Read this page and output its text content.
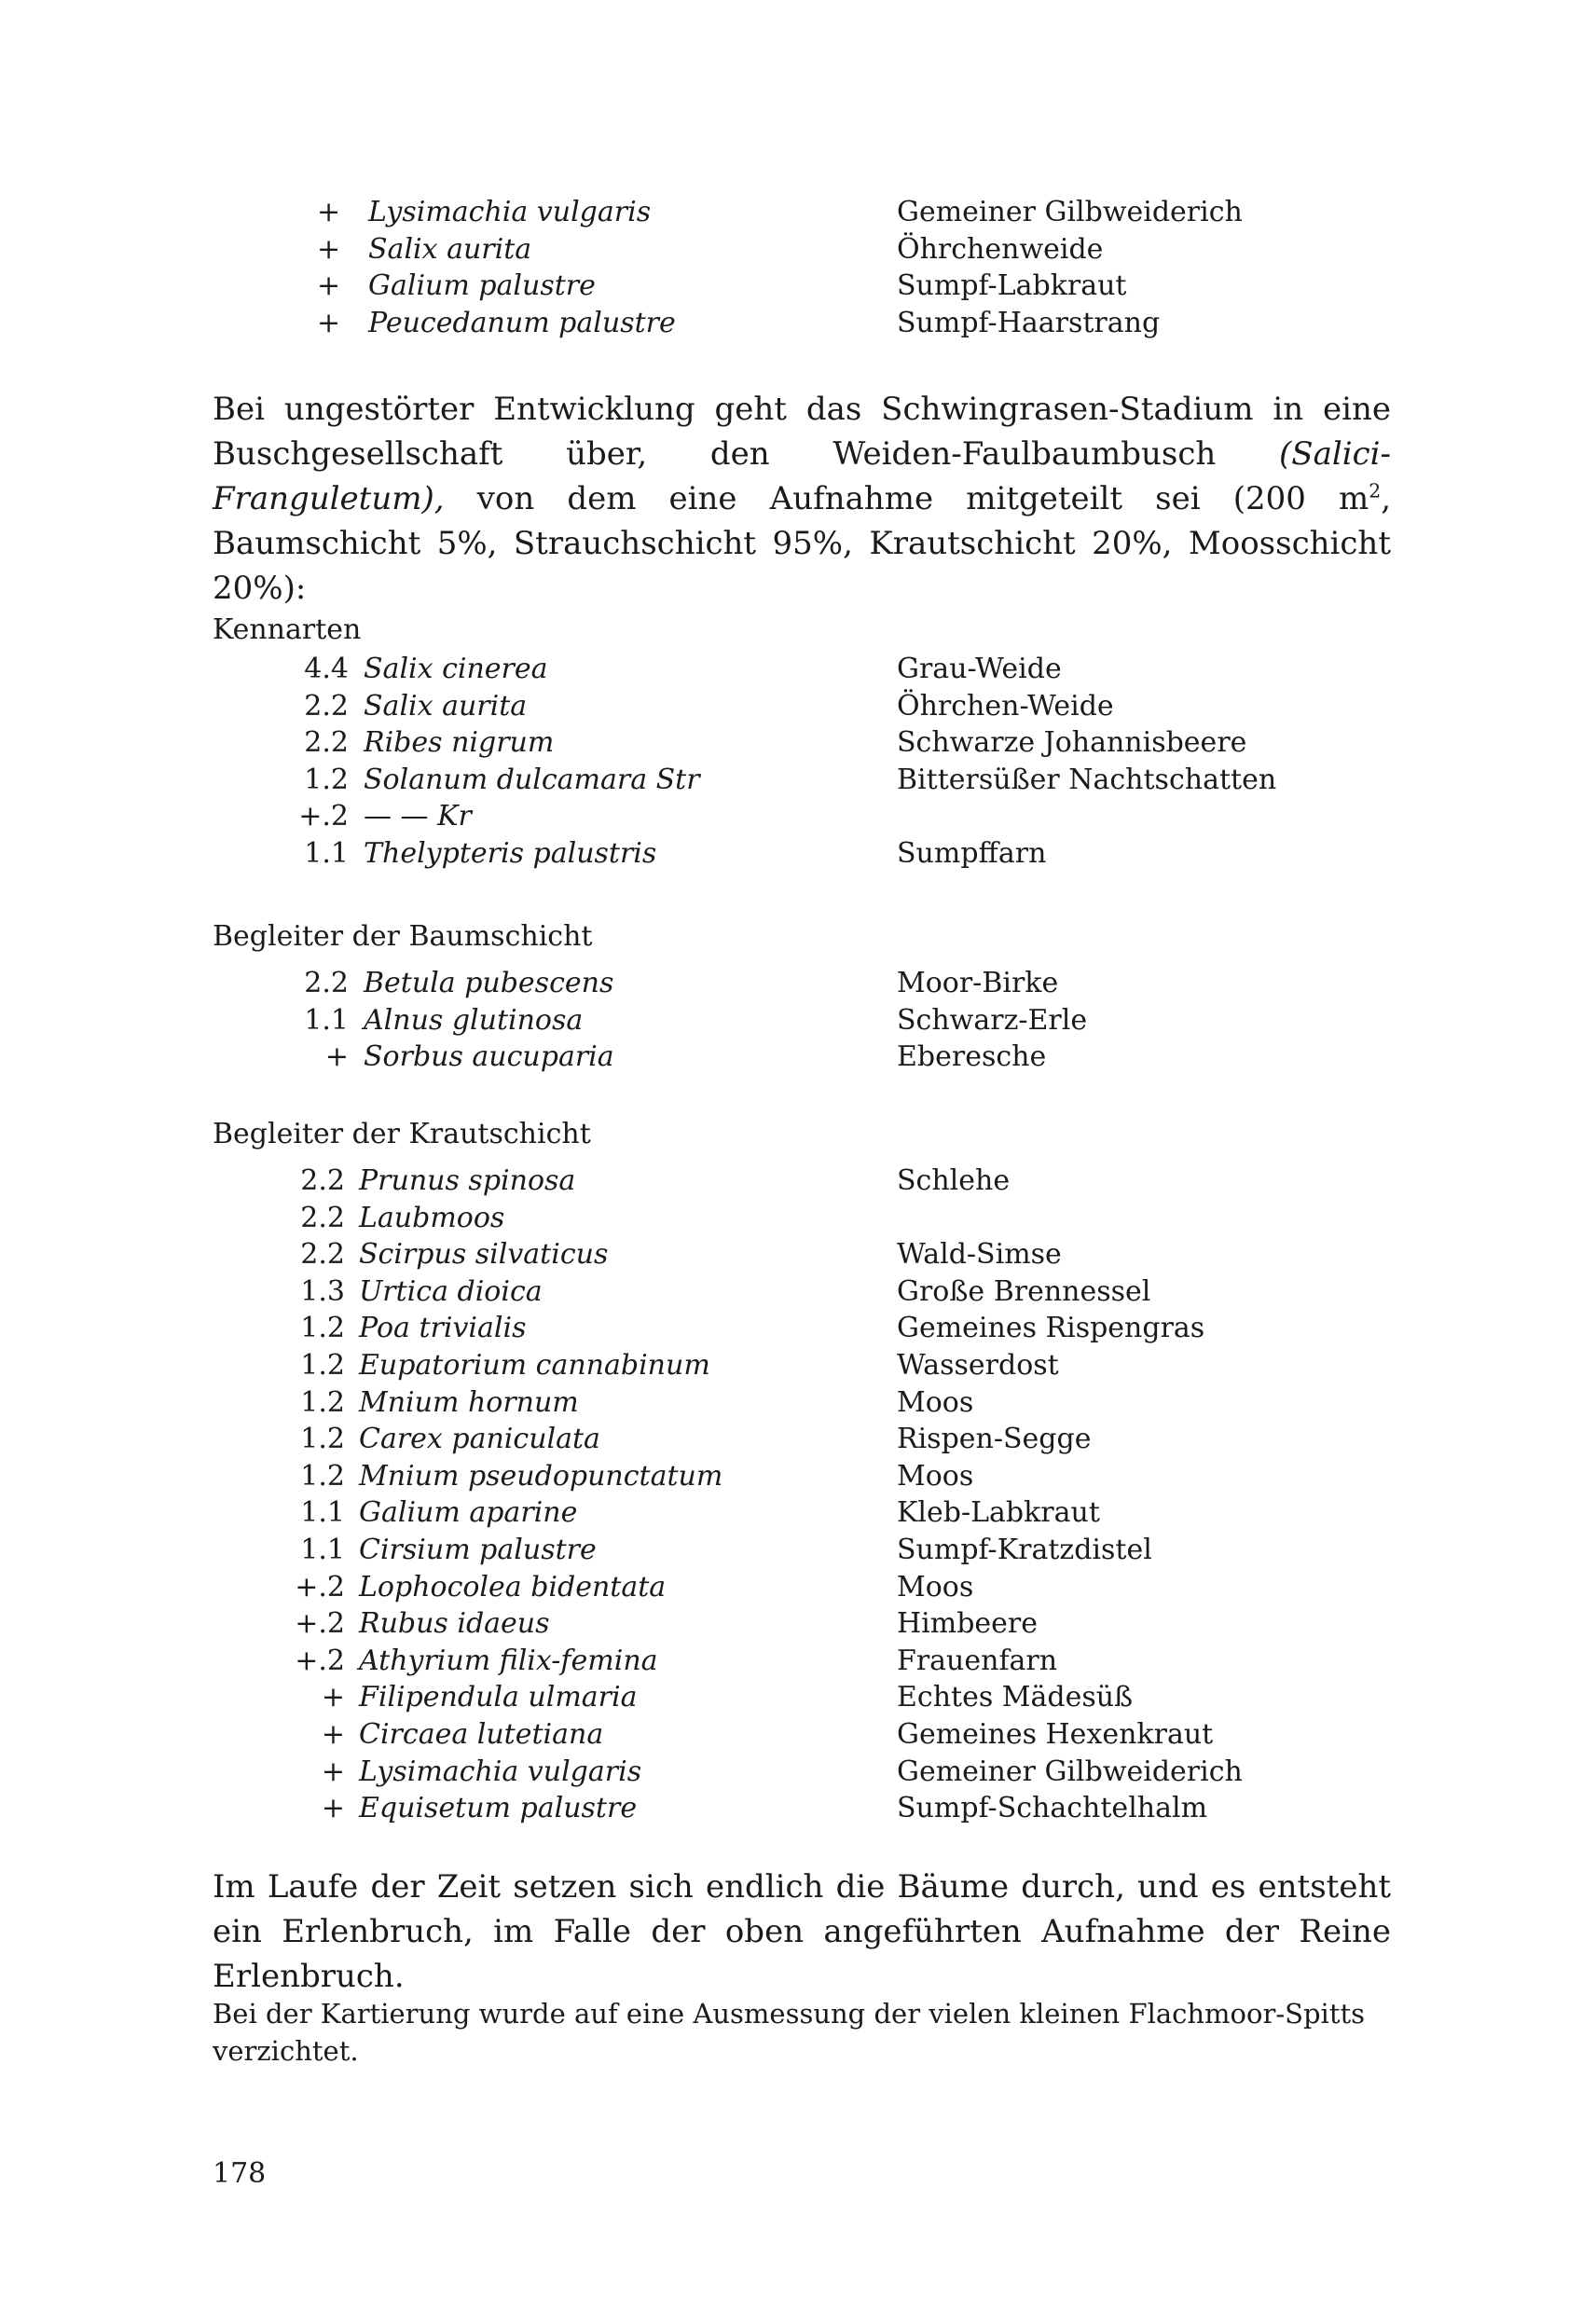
+ Lysimachia vulgaris	Gemeiner Gilbweiderich
+ Salix aurita	Öhrchenweide
+ Galium palustre	Sumpf-Labkraut
+ Peucedanum palustre	Sumpf-Haarstrang

Bei ungestörter Entwicklung geht das Schwingrasen-Stadium in eine Buschgesellschaft über, den Weiden-Faulbaumbusch (Salici-Franguletum), von dem eine Aufnahme mitgeteilt sei (200 $m^2$, Baumschicht 5%, Strauchschicht 95%, Krautschicht 20%, Moosschicht 20%):

Kennarten
4.4 Salix cinerea	Grau-Weide
2.2 Salix aurita	Öhrchen-Weide
2.2 Ribes nigrum	Schwarze Johannisbeere
1.2 Solanum dulcamara Str	Bittersüßer Nachtschatten
+.2 — — Kr
1.1 Thelypteris palustris	Sumpffarn
Begleiter der Baumschicht
2.2 Betula pubescens	Moor-Birke
1.1 Alnus glutinosa	Schwarz-Erle
+ Sorbus aucuparia	Eberesche
Begleiter der Krautschicht
2.2 Prunus spinosa	Schlehe
2.2 Laubmoos
2.2 Scirpus silvaticus	Wald-Simse
1.3 Urtica dioica	Große Brennessel
1.2 Poa trivialis	Gemeines Rispengras
1.2 Eupatorium cannabinum	Wasserdost
1.2 Mnium hornum	Moos
1.2 Carex paniculata	Rispen-Segge
1.2 Mnium pseudopunctatum	Moos
1.1 Galium aparine	Kleb-Labkraut
1.1 Cirsium palustre	Sumpf-Kratzdistel
+.2 Lophocolea bidentata	Moos
+.2 Rubus idaeus	Himbeere
+.2 Athyrium filix-femina	Frauenfarn
+ Filipendula ulmaria	Echtes Mädesüß
+ Circaea lutetiana	Gemeines Hexenkraut
+ Lysimachia vulgaris	Gemeiner Gilbweiderich
+ Equisetum palustre	Sumpf-Schachtelhalm

Im Laufe der Zeit setzen sich endlich die Bäume durch, und es entsteht ein Erlenbruch, im Falle der oben angeführten Aufnahme der Reine Erlenbruch.

Bei der Kartierung wurde auf eine Ausmessung der vielen kleinen Flachmoor-Spitts verzichtet.

178
